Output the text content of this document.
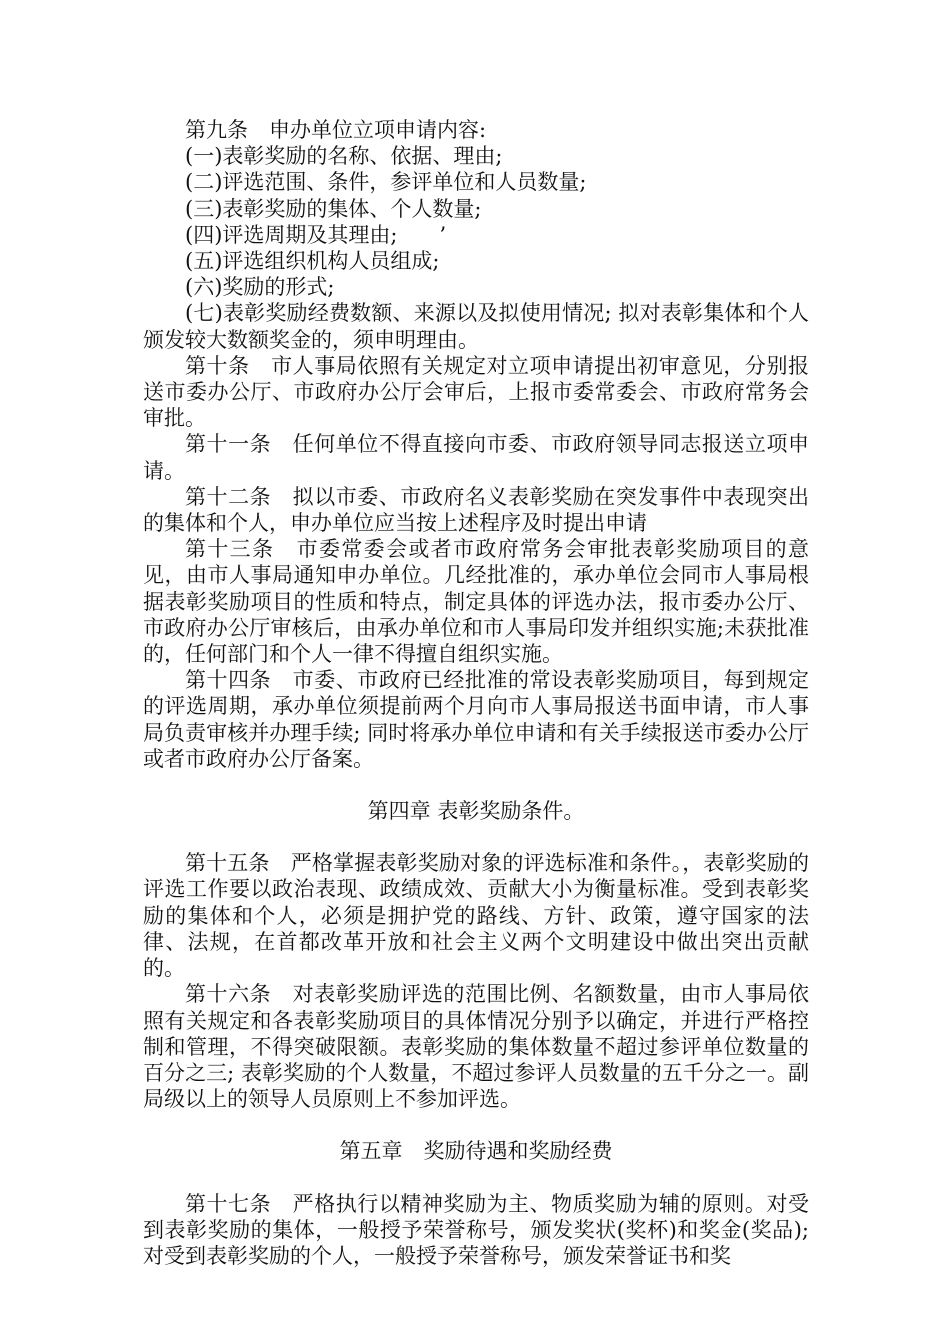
第九条　申办单位立项申请内容:

(一)表彰奖励的名称、依据、理由;

(二)评选范围、条件，参评单位和人员数量;

(三)表彰奖励的集体、个人数量;

(四)评选周期及其理由;　　’

(五)评选组织机构人员组成;

(六)奖励的形式;

(七)表彰奖励经费数额、来源以及拟使用情况; 拟对表彰集体和个人颁发较大数额奖金的，须申明理由。

第十条　市人事局依照有关规定对立项申请提出初审意见，分别报送市委办公厅、市政府办公厅会审后，上报市委常委会、市政府常务会审批。

第十一条　任何单位不得直接向市委、市政府领导同志报送立项申请。

第十二条　拟以市委、市政府名义表彰奖励在突发事件中表现突出的集体和个人，申办单位应当按上述程序及时提出申请

第十三条　市委常委会或者市政府常务会审批表彰奖励项目的意见，由市人事局通知申办单位。几经批准的，承办单位会同市人事局根据表彰奖励项目的性质和特点，制定具体的评选办法，报市委办公厅、市政府办公厅审核后，由承办单位和市人事局印发并组织实施;未获批准的，任何部门和个人一律不得擅自组织实施。

第十四条　市委、市政府已经批准的常设表彰奖励项目，每到规定的评选周期，承办单位须提前两个月向市人事局报送书面申请，市人事局负责审核并办理手续; 同时将承办单位申请和有关手续报送市委办公厅或者市政府办公厅备案。

第四章 表彰奖励条件。

第十五条　严格掌握表彰奖励对象的评选标准和条件。，表彰奖励的评选工作要以政治表现、政绩成效、贡献大小为衡量标准。受到表彰奖励的集体和个人，必须是拥护党的路线、方针、政策，遵守国家的法律、法规，在首都改革开放和社会主义两个文明建设中做出突出贡献的。

第十六条　对表彰奖励评选的范围比例、名额数量，由市人事局依照有关规定和各表彰奖励项目的具体情况分别予以确定，并进行严格控制和管理，不得突破限额。表彰奖励的集体数量不超过参评单位数量的百分之三; 表彰奖励的个人数量，不超过参评人员数量的五千分之一。副局级以上的领导人员原则上不参加评选。

第五章　奖励待遇和奖励经费

第十七条　严格执行以精神奖励为主、物质奖励为辅的原则。对受到表彰奖励的集体，一般授予荣誉称号，颁发奖状(奖杯)和奖金(奖品); 对受到表彰奖励的个人，一般授予荣誉称号，颁发荣誉证书和奖
